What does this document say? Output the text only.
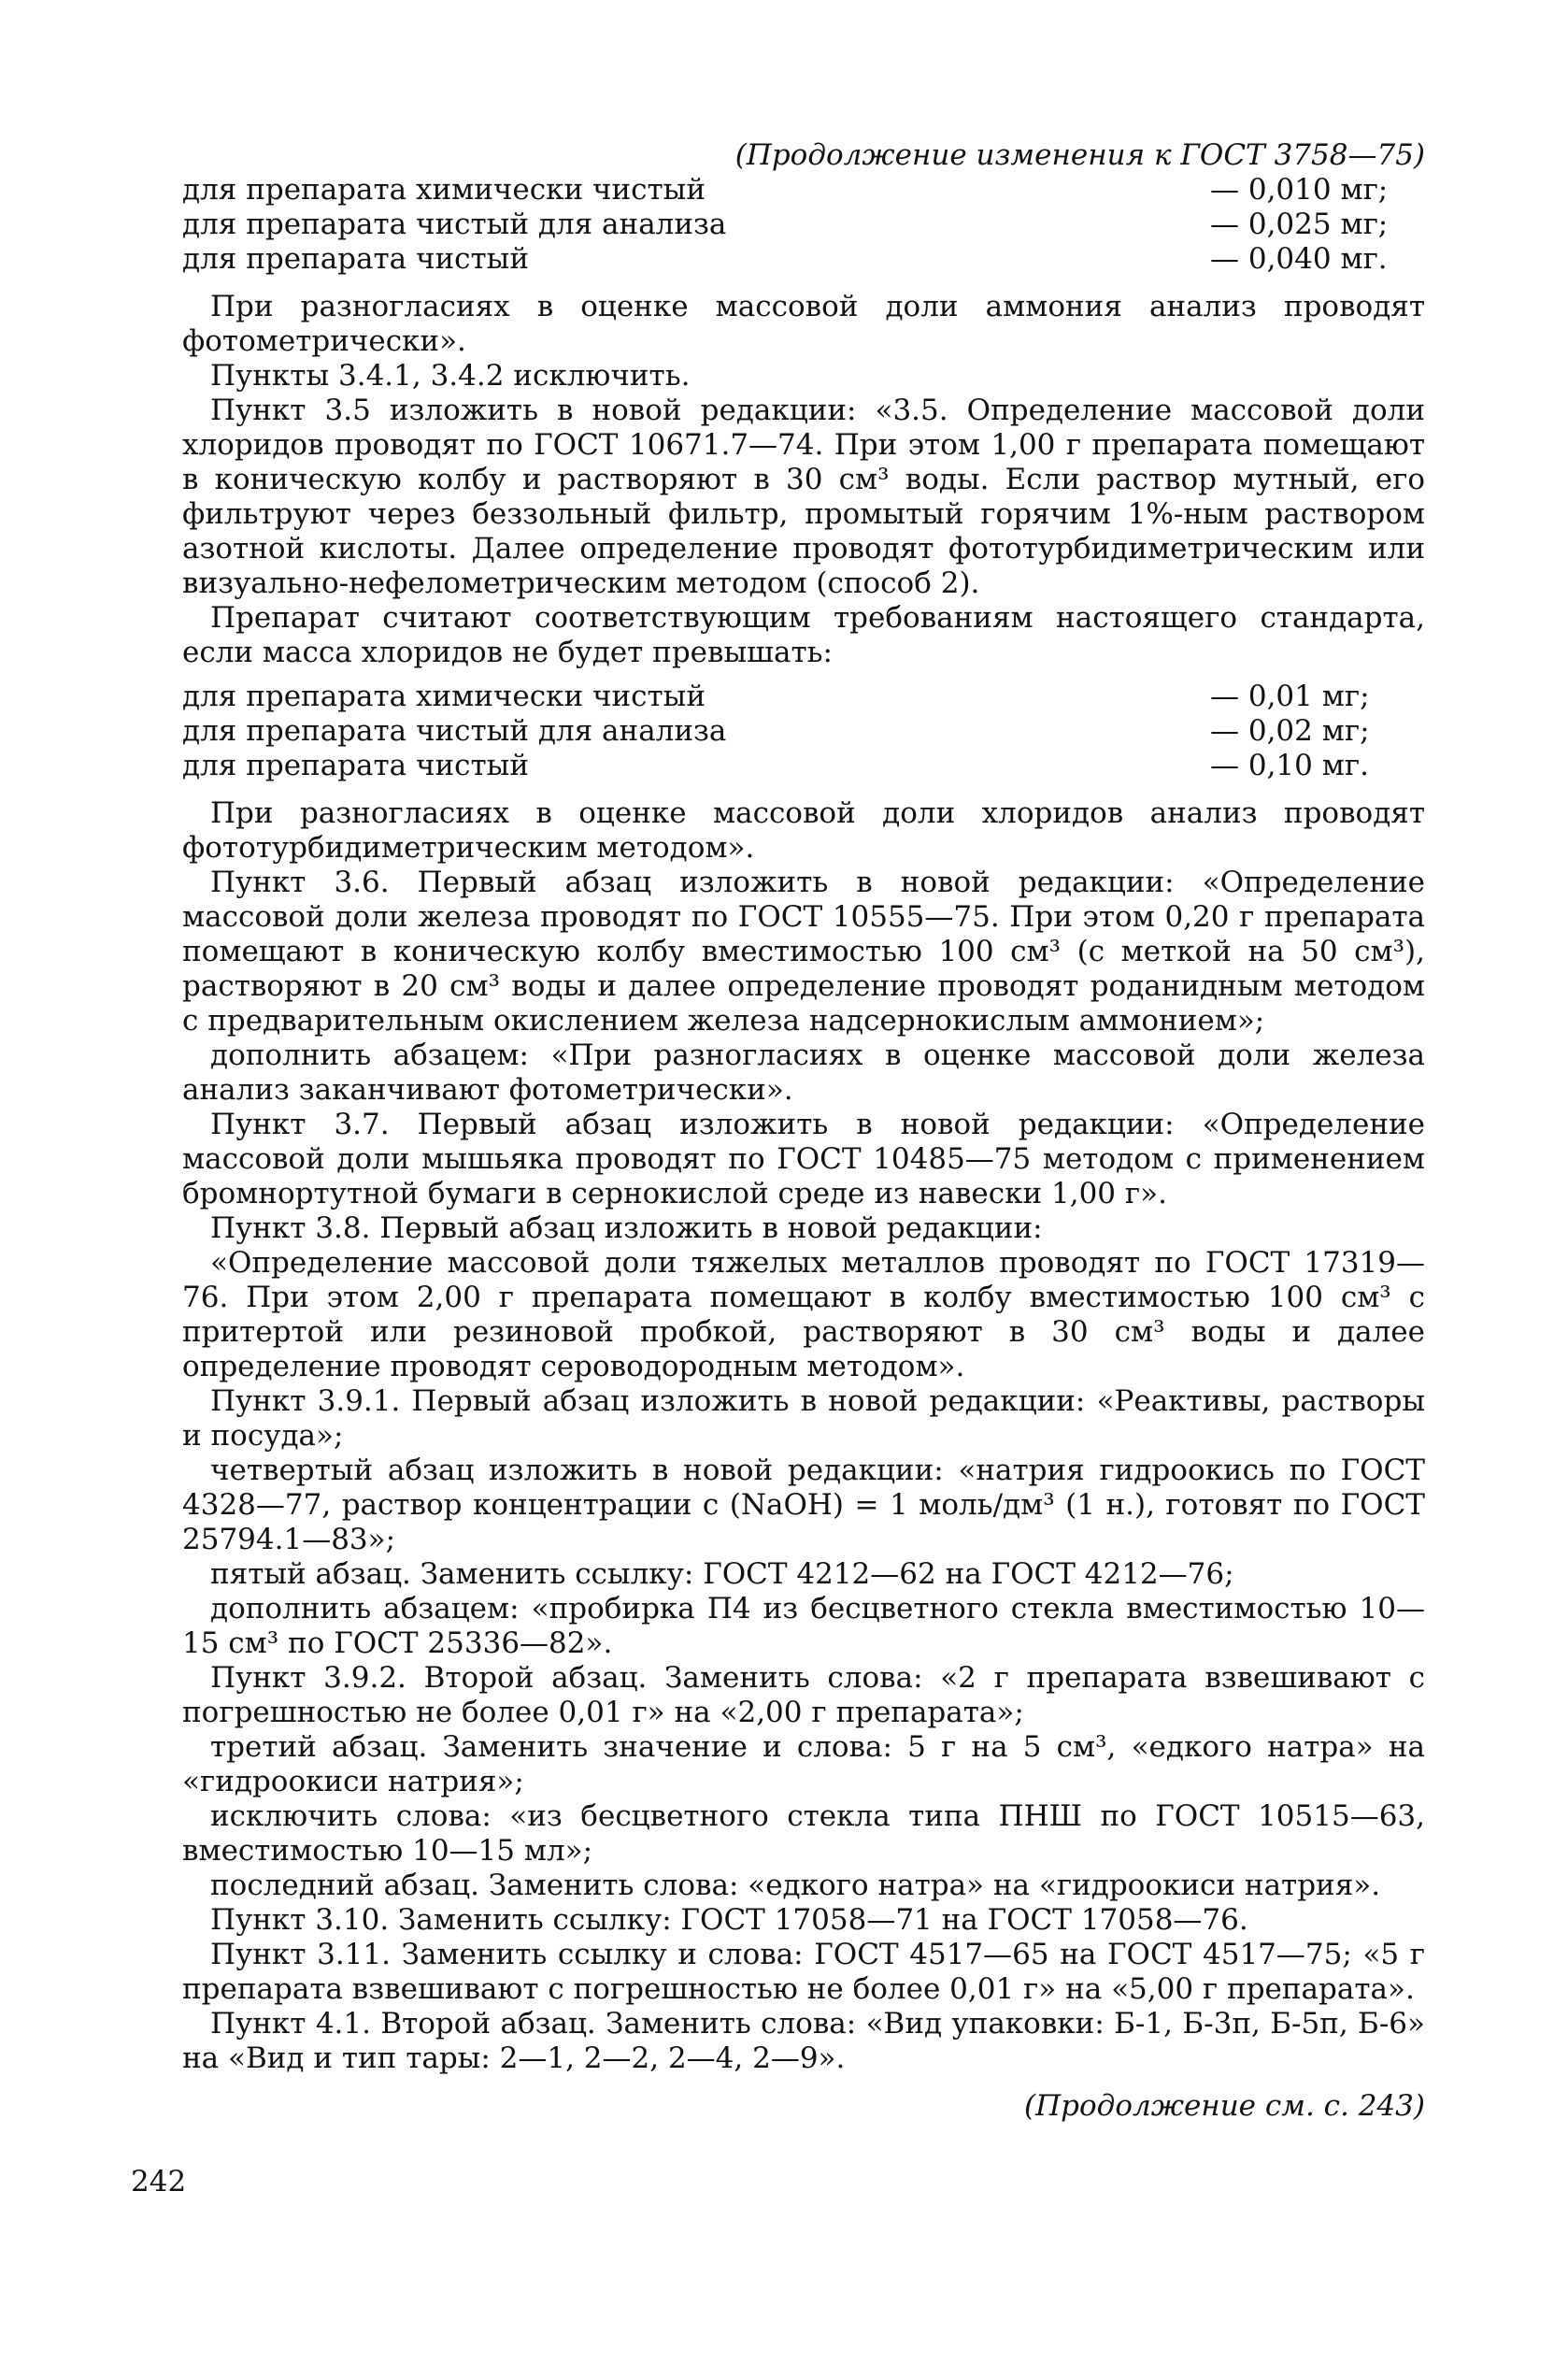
(Продолжение изменения к ГОСТ 3758—75)
для препарата химически чистый	— 0,010 мг;
для препарата чистый для анализа	— 0,025 мг;
для препарата чистый	— 0,040 мг.

При разногласиях в оценке массовой доли аммония анализ проводят фотометрически».

Пункты 3.4.1, 3.4.2 исключить.

Пункт 3.5 изложить в новой редакции: «3.5. Определение массовой доли хлоридов проводят по ГОСТ 10671.7—74. При этом 1,00 г препарата помещают в коническую колбу и растворяют в 30 см³ воды. Если раствор мутный, его фильтруют через беззольный фильтр, промытый горячим 1%-ным раствором азотной кислоты. Далее определение проводят фототурбидиметрическим или визуально-нефелометрическим методом (способ 2).

Препарат считают соответствующим требованиям настоящего стандарта, если масса хлоридов не будет превышать:

для препарата химически чистый	— 0,01 мг;
для препарата чистый для анализа	— 0,02 мг;
для препарата чистый	— 0,10 мг.

При разногласиях в оценке массовой доли хлоридов анализ проводят фототурбидиметрическим методом».

Пункт 3.6. Первый абзац изложить в новой редакции: «Определение массовой доли железа проводят по ГОСТ 10555—75. При этом 0,20 г препарата помещают в коническую колбу вместимостью 100 см³ (с меткой на 50 см³), растворяют в 20 см³ воды и далее определение проводят роданидным методом с предварительным окислением железа надсернокислым аммонием»;

дополнить абзацем: «При разногласиях в оценке массовой доли железа анализ заканчивают фотометрически».

Пункт 3.7. Первый абзац изложить в новой редакции: «Определение массовой доли мышьяка проводят по ГОСТ 10485—75 методом с применением бромнортутной бумаги в сернокислой среде из навески 1,00 г».

Пункт 3.8. Первый абзац изложить в новой редакции:

«Определение массовой доли тяжелых металлов проводят по ГОСТ 17319—76. При этом 2,00 г препарата помещают в колбу вместимостью 100 см³ с притертой или резиновой пробкой, растворяют в 30 см³ воды и далее определение проводят сероводородным методом».

Пункт 3.9.1. Первый абзац изложить в новой редакции: «Реактивы, растворы и посуда»;

четвертый абзац изложить в новой редакции: «натрия гидроокись по ГОСТ 4328—77, раствор концентрации с (NaOH) = 1 моль/дм³ (1 н.), готовят по ГОСТ 25794.1—83»;

пятый абзац. Заменить ссылку: ГОСТ 4212—62 на ГОСТ 4212—76;

дополнить абзацем: «пробирка П4 из бесцветного стекла вместимостью 10—15 см³ по ГОСТ 25336—82».

Пункт 3.9.2. Второй абзац. Заменить слова: «2 г препарата взвешивают с погрешностью не более 0,01 г» на «2,00 г препарата»;

третий абзац. Заменить значение и слова: 5 г на 5 см³, «едкого натра» на «гидроокиси натрия»;

исключить слова: «из бесцветного стекла типа ПНШ по ГОСТ 10515—63, вместимостью 10—15 мл»;

последний абзац. Заменить слова: «едкого натра» на «гидроокиси натрия».

Пункт 3.10. Заменить ссылку: ГОСТ 17058—71 на ГОСТ 17058—76.

Пункт 3.11. Заменить ссылку и слова: ГОСТ 4517—65 на ГОСТ 4517—75; «5 г препарата взвешивают с погрешностью не более 0,01 г» на «5,00 г препарата».

Пункт 4.1. Второй абзац. Заменить слова: «Вид упаковки: Б-1, Б-3п, Б-5п, Б-6» на «Вид и тип тары: 2—1, 2—2, 2—4, 2—9».

(Продолжение см. с. 243)
242
